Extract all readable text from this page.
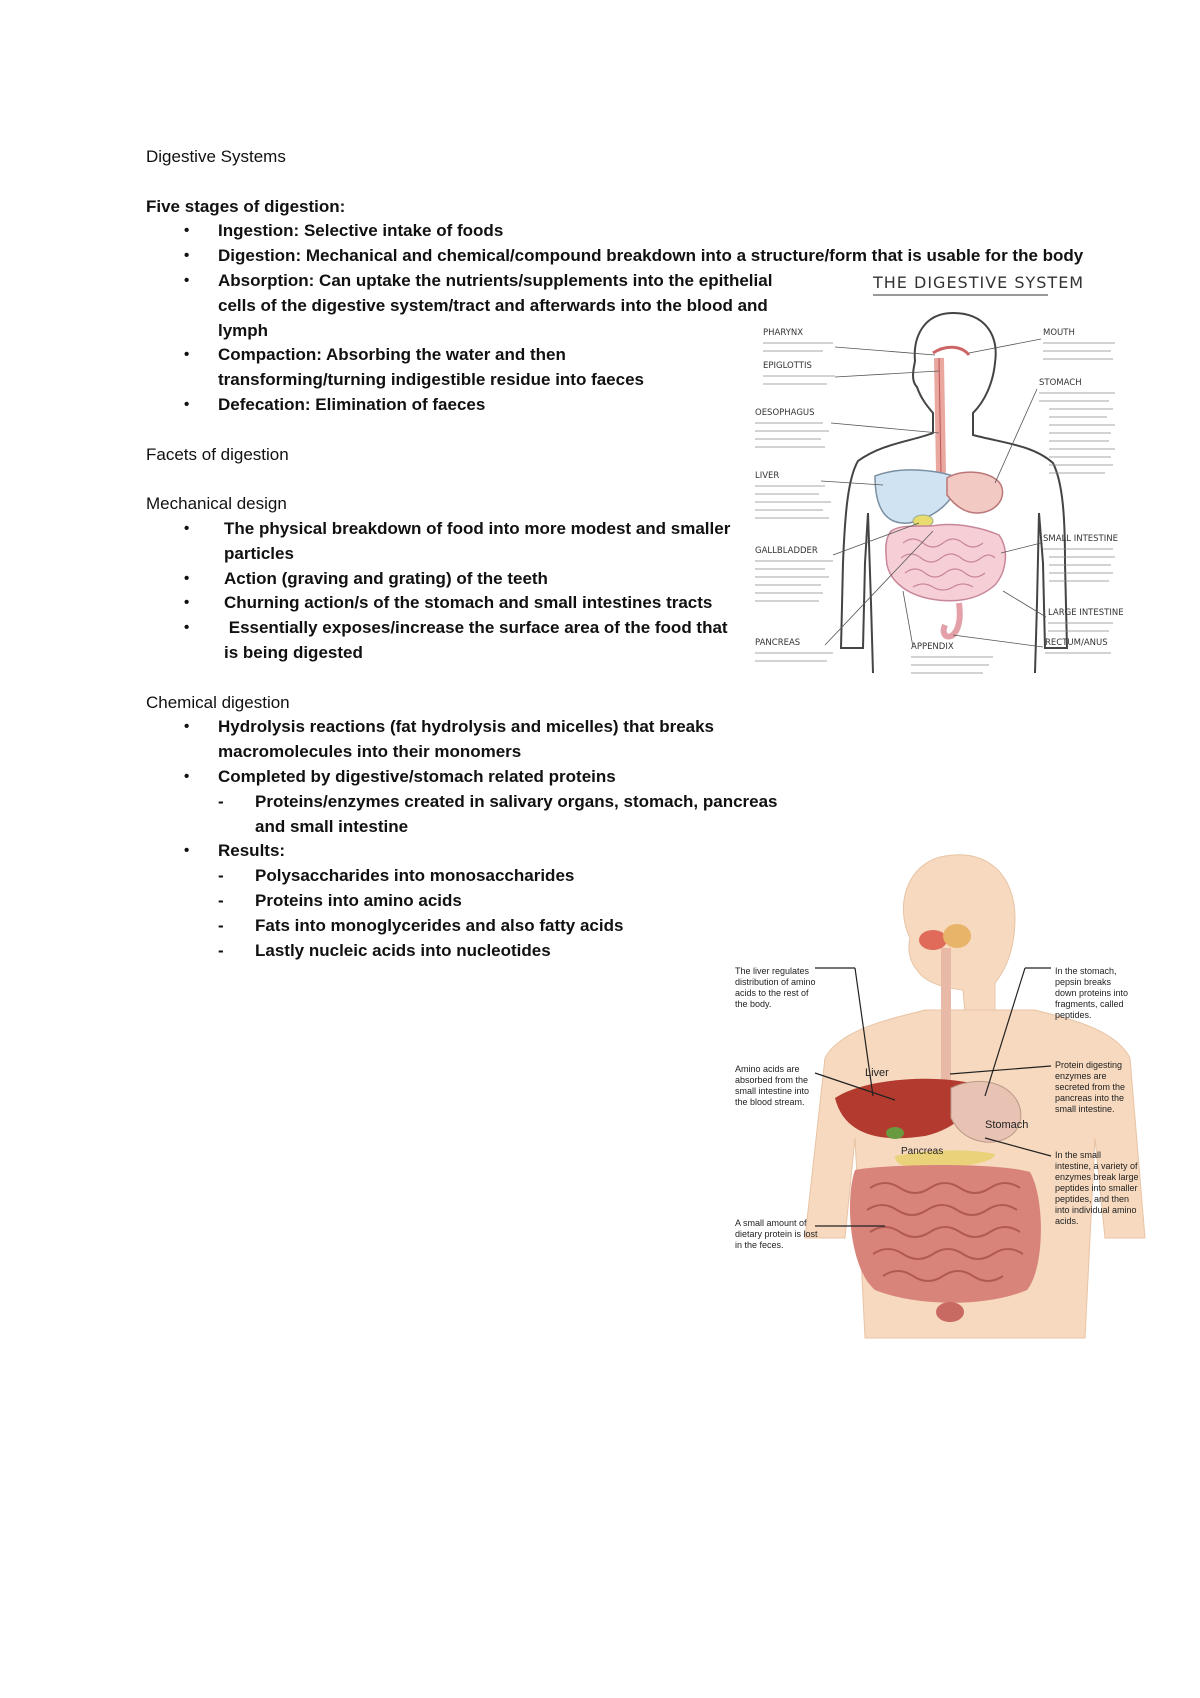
Digestive Systems
Five stages of digestion:
• Ingestion: Selective intake of foods
• Digestion: Mechanical and chemical/compound breakdown into a structure/form that is usable for the body
• Absorption: Can uptake the nutrients/supplements into the epithelial cells of the digestive system/tract and afterwards into the blood and lymph
• Compaction: Absorbing the water and then transforming/turning indigestible residue into faeces
• Defecation: Elimination of faeces
Facets of digestion
Mechanical design
• The physical breakdown of food into more modest and smaller particles
• Action (graving and grating) of the teeth
• Churning action/s of the stomach and small intestines tracts
• Essentially exposes/increase the surface area of the food that is being digested
Chemical digestion
• Hydrolysis reactions (fat hydrolysis and micelles) that breaks macromolecules into their monomers
• Completed by digestive/stomach related proteins
- Proteins/enzymes created in salivary organs, stomach, pancreas and small intestine
• Results:
- Polysaccharides into monosaccharides
- Proteins into amino acids
- Fats into monoglycerides and also fatty acids
- Lastly nucleic acids into nucleotides
THE DIGESTIVE SYSTEM
PHARYNX
EPIGLOTTIS
OESOPHAGUS
LIVER
GALLBLADDER
PANCREAS	APPENDIX
MOUTH
STOMACH
SMALL INTESTINE
LARGE INTESTINE
RECTUM/ANUS
Liver
Stomach
Pancreas
The liver regulates distribution of amino acids to the rest of the body.
Amino acids are absorbed from the small intestine into the blood stream.
A small amount of dietary protein is lost in the feces.
In the stomach, pepsin breaks down proteins into fragments, called peptides.
Protein digesting enzymes are secreted from the pancreas into the small intestine.
In the small intestine, a variety of enzymes break large peptides into smaller peptides, and then into individual amino acids.
